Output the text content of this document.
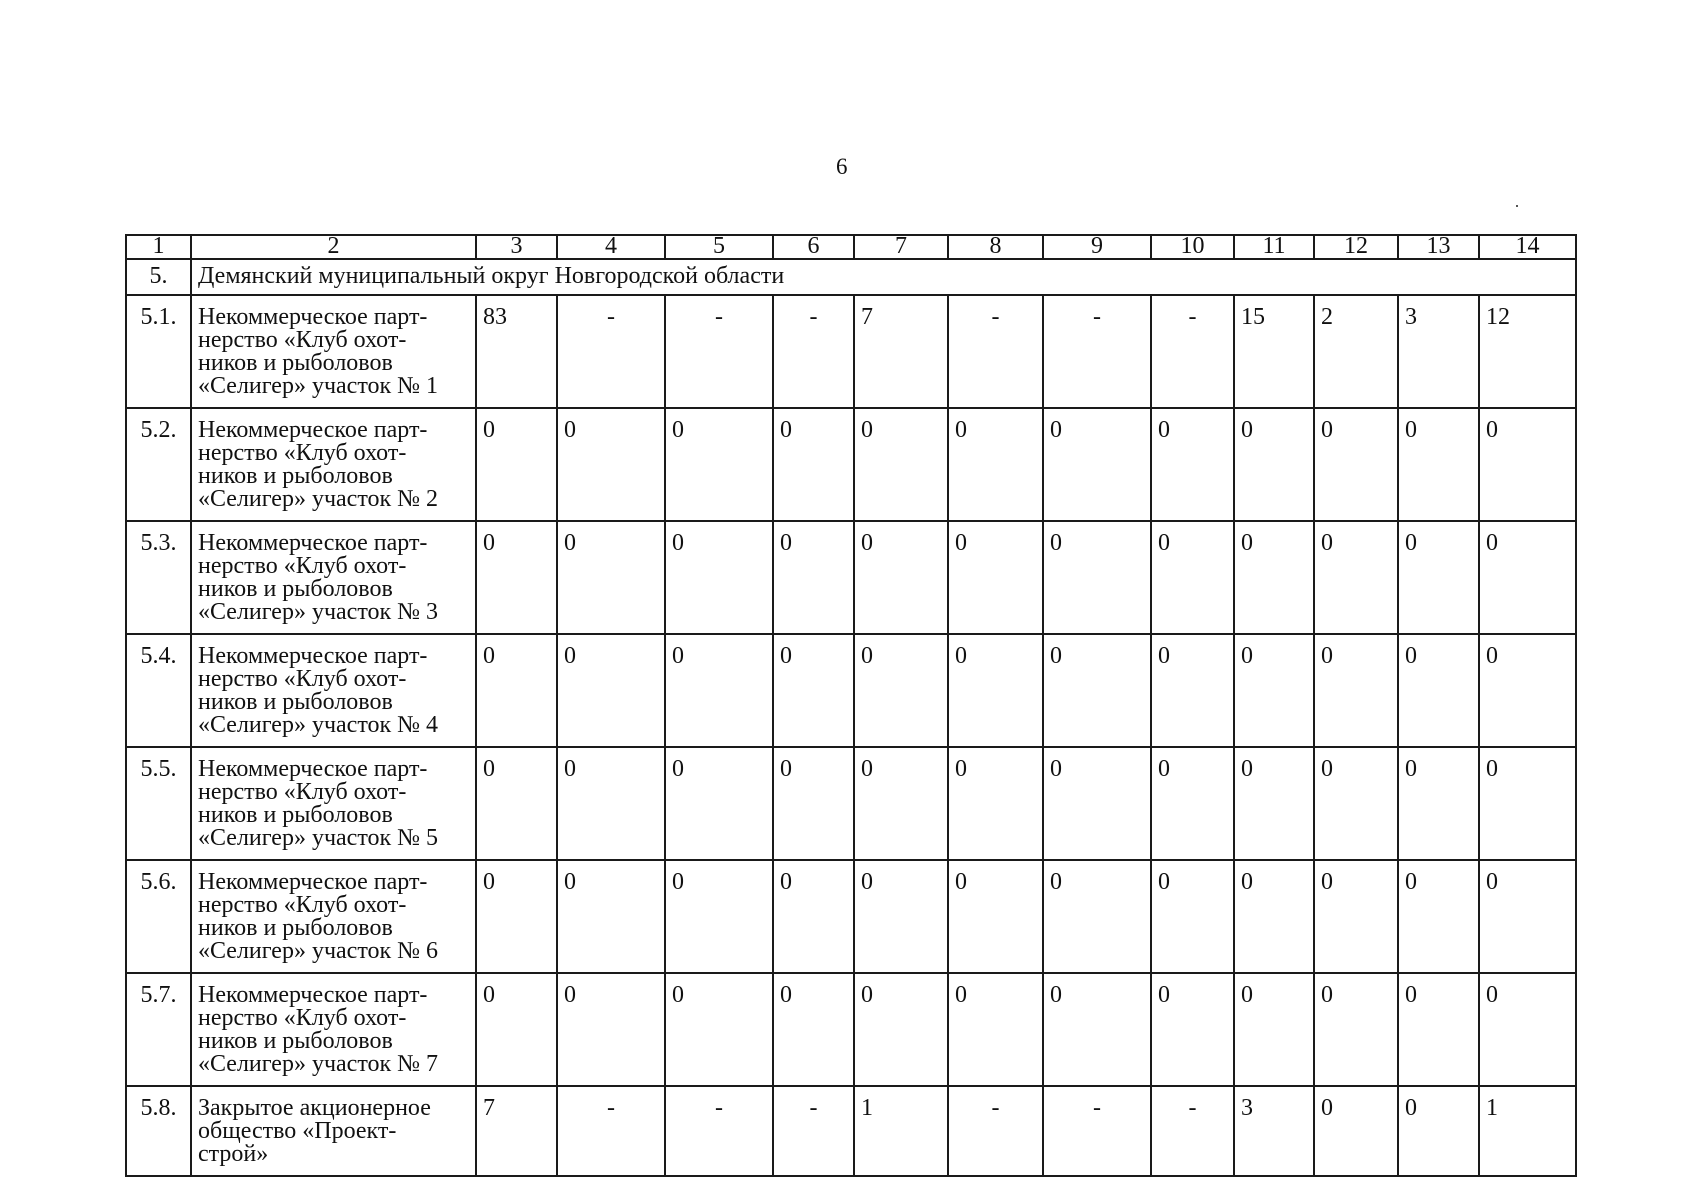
6
1	2	3	4	5	6	7	8	9	10	11	12	13	14
5.	Демянский муниципальный округ Новгородской области												
5.1.	Некоммерческое парт-
нерство «Клуб охот-
ников и рыболовов
«Селигер» участок № 1	83	-	-	-	7	-	-	-	15	2	3	12
5.2.	Некоммерческое парт-
нерство «Клуб охот-
ников и рыболовов
«Селигер» участок № 2	0	0	0	0	0	0	0	0	0	0	0	0
5.3.	Некоммерческое парт-
нерство «Клуб охот-
ников и рыболовов
«Селигер» участок № 3	0	0	0	0	0	0	0	0	0	0	0	0
5.4.	Некоммерческое парт-
нерство «Клуб охот-
ников и рыболовов
«Селигер» участок № 4	0	0	0	0	0	0	0	0	0	0	0	0
5.5.	Некоммерческое парт-
нерство «Клуб охот-
ников и рыболовов
«Селигер» участок № 5	0	0	0	0	0	0	0	0	0	0	0	0
5.6.	Некоммерческое парт-
нерство «Клуб охот-
ников и рыболовов
«Селигер» участок № 6	0	0	0	0	0	0	0	0	0	0	0	0
5.7.	Некоммерческое парт-
нерство «Клуб охот-
ников и рыболовов
«Селигер» участок № 7	0	0	0	0	0	0	0	0	0	0	0	0
5.8.	Закрытое акционерное
общество «Проект-
строй»	7	-	-	-	1	-	-	-	3	0	0	1
